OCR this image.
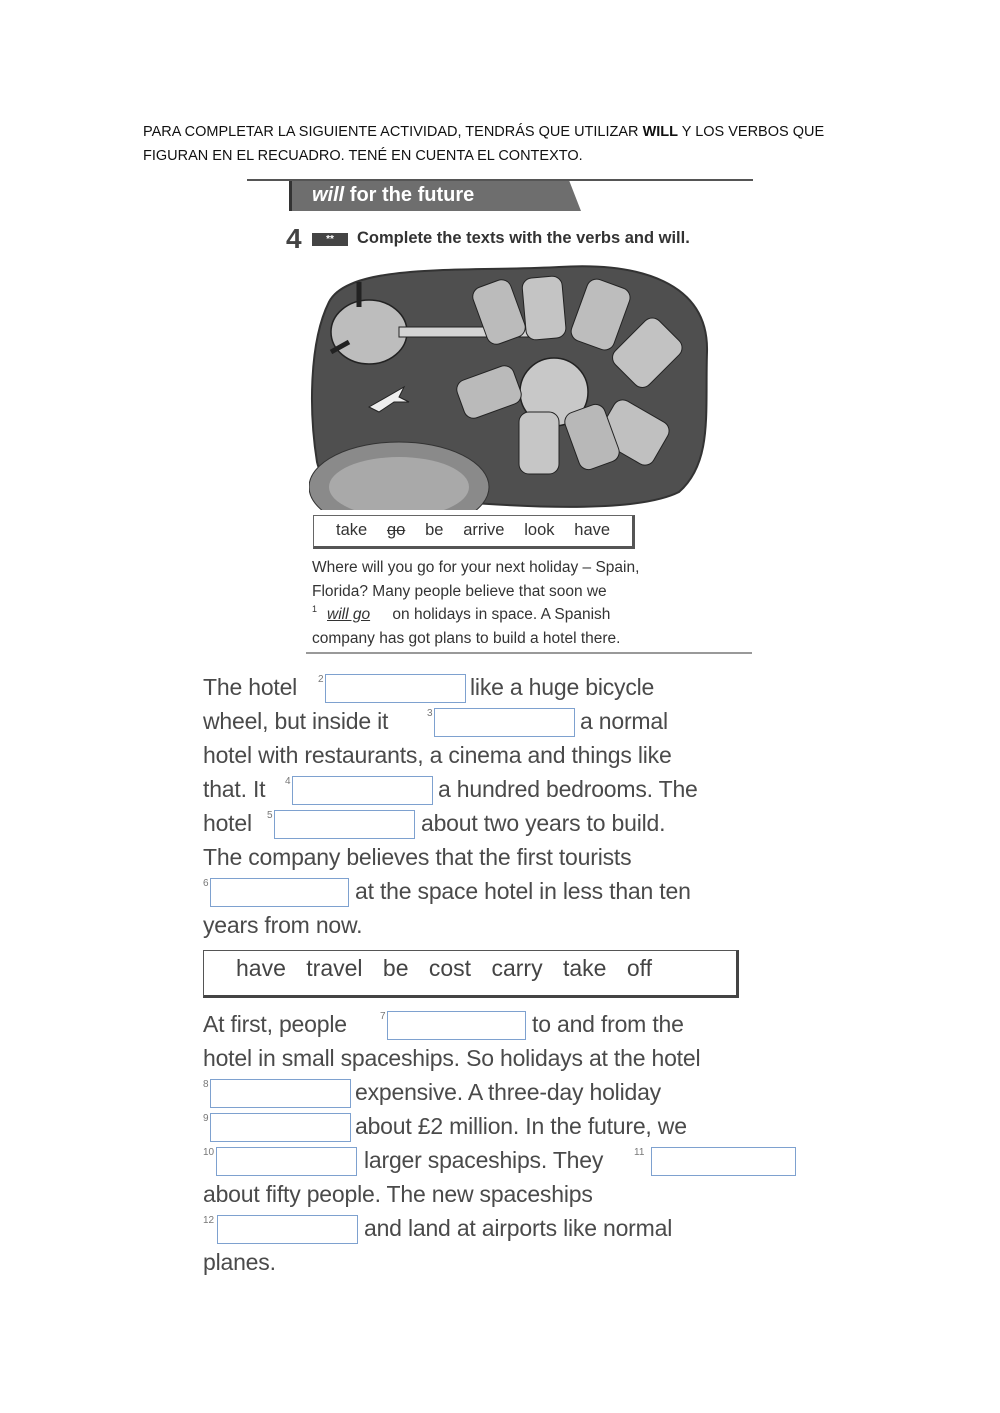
PARA COMPLETAR LA SIGUIENTE ACTIVIDAD, TENDRÁS QUE UTILIZAR WILL Y LOS VERBOS QUE
FIGURAN EN EL RECUADRO. TENÉ EN CUENTA EL CONTEXTO.
will for the future
4	**	Complete the texts with the verbs and will.
take go be arrive look have
Where will you go for your next holiday – Spain,
Florida? Many people believe that soon we
$^1$ will go on holidays in space. A Spanish
company has got plans to build a hotel there.
The hotel 2	like a huge bicycle
wheel, but inside it	3	a normal
hotel with restaurants, a cinema and things like
that. It 4	a hundred bedrooms. The
hotel 5	about two years to build.
The company believes that the first tourists
6	at the space hotel in less than ten
years from now.
have travel be cost carry take off
At first, people	7	to and from the
hotel in small spaceships. So holidays at the hotel
8	expensive. A three-day holiday
9	about £2 million. In the future, we
10	larger spaceships. They	11
about fifty people. The new spaceships
12	and land at airports like normal
planes.
